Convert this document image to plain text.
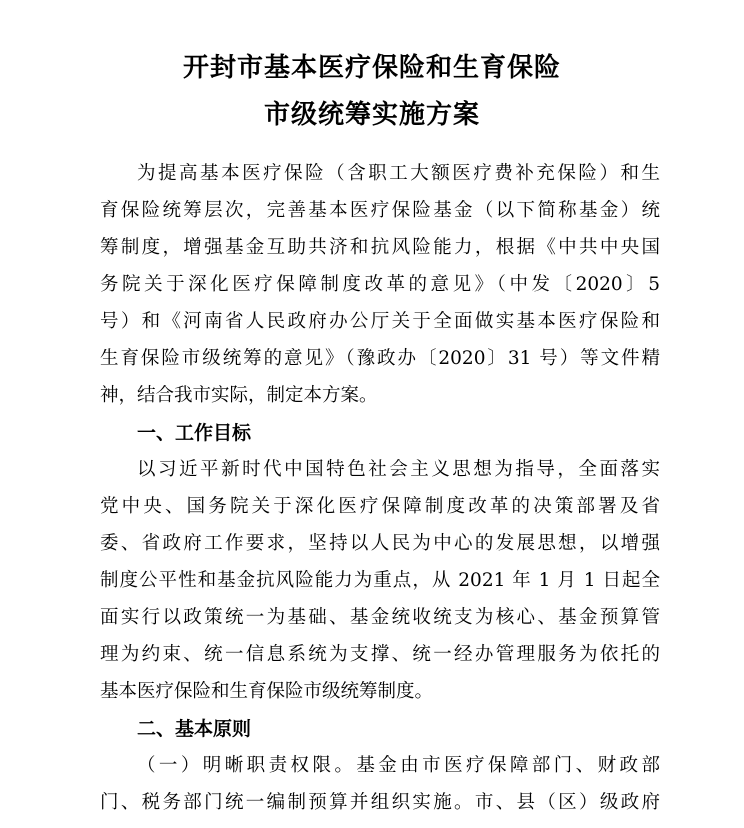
开封市基本医疗保险和生育保险
市级统筹实施方案
为提高基本医疗保险（含职工大额医疗费补充保险）和生
育保险统筹层次，完善基本医疗保险基金（以下简称基金）统
筹制度，增强基金互助共济和抗风险能力，根据《中共中央国
务院关于深化医疗保障制度改革的意见》（中发〔2020〕5
号）和《河南省人民政府办公厅关于全面做实基本医疗保险和
生育保险市级统筹的意见》（豫政办〔2020〕31 号）等文件精
神，结合我市实际，制定本方案。
一、工作目标
以习近平新时代中国特色社会主义思想为指导，全面落实
党中央、国务院关于深化医疗保障制度改革的决策部署及省
委、省政府工作要求，坚持以人民为中心的发展思想，以增强
制度公平性和基金抗风险能力为重点，从 2021 年 1 月 1 日起全
面实行以政策统一为基础、基金统收统支为核心、基金预算管
理为约束、统一信息系统为支撑、统一经办管理服务为依托的
基本医疗保险和生育保险市级统筹制度。
二、基本原则
（一）明晰职责权限。基金由市医疗保障部门、财政部
门、税务部门统一编制预算并组织实施。市、县（区）级政府
